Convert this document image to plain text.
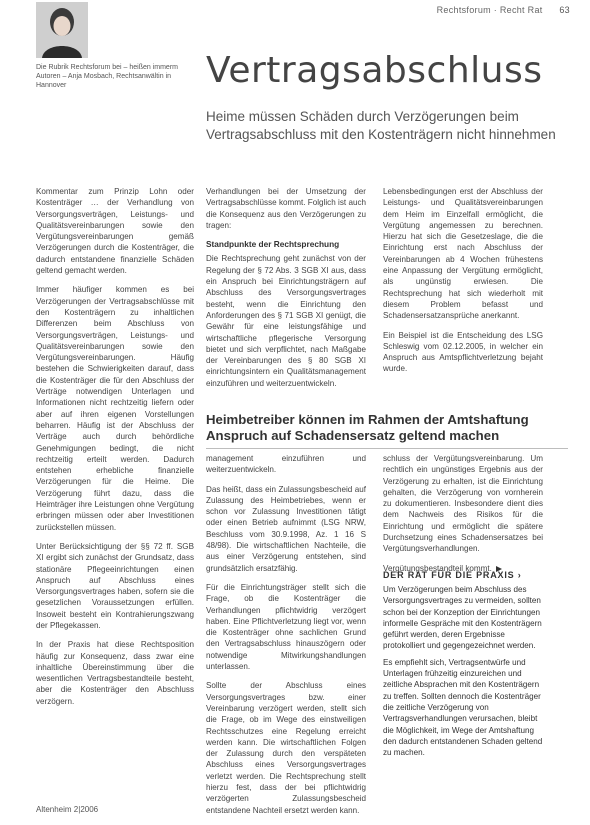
Rechtsforum · Recht Rat 63
Die Rubrik Rechtsforum bei – heißen immerm Autoren – Anja Mosbach, Rechtsanwältin in Hannover	Vertragsabschluss
Heime müssen Schäden durch Verzögerungen beim Vertragsabschluss mit den Kostenträgern nicht hinnehmen

Kommentar zum Prinzip Lohn oder Kostenträger … der Verhandlung von Versorgungsverträgen, Leistungs- und Qualitätsvereinbarungen sowie den Vergütungsvereinbarungen gemäß Verzögerungen durch die Kostenträger, die dadurch entstandene finanzielle Schäden geltend gemacht werden.

Immer häufiger kommen es bei Verzögerungen der Vertragsabschlüsse mit den Kostenträgern zu inhaltlichen Differenzen beim Abschluss von Versorgungsverträgen, Leistungs- und Qualitätsvereinbarungen sowie den Vergütungsvereinbarungen. Häufig bestehen die Schwierigkeiten darauf, dass die Kostenträger die für den Abschluss der Verträge notwendigen Unterlagen und Informationen nicht rechtzeitig liefern oder aber auf ihren eigenen Vorstellungen beharren. Häufig ist der Abschluss der Verträge auch durch behördliche Genehmigungen bedingt, die nicht rechtzeitig erteilt werden. Dadurch entstehen erhebliche finanzielle Verzögerungen für die Heime. Die Verzögerung führt dazu, dass die Heimträger ihre Leistungen ohne Vergütung erbringen müssen oder aber Investitionen zurückstellen müssen.

Unter Berücksichtigung der §§ 72 ff. SGB XI ergibt sich zunächst der Grundsatz, dass stationäre Pflegeeinrichtungen einen Anspruch auf Abschluss eines Versorgungsvertrages haben, sofern sie die gesetzlichen Voraussetzungen erfüllen. Insoweit besteht ein Kontrahierungszwang der Pflegekassen.

In der Praxis hat diese Rechtsposition häufig zur Konsequenz, dass zwar eine inhaltliche Übereinstimmung über die wesentlichen Vertragsbestandteile besteht, aber die Kostenträger den Abschluss verzögern.

Verhandlungen bei der Umsetzung der Vertragsabschlüsse kommt. Folglich ist auch die Konsequenz aus den Verzögerungen zu tragen:

Standpunkte der Rechtsprechung

Die Rechtsprechung geht zunächst von der Regelung der § 72 Abs. 3 SGB XI aus, dass ein Anspruch bei Einrichtungsträgern auf Abschluss des Versorgungsvertrages besteht, wenn die Einrichtung den Anforderungen des § 71 SGB XI genügt, die Gewähr für eine leistungsfähige und wirtschaftliche pflegerische Versorgung bietet und sich verpflichtet, nach Maßgabe der Vereinbarungen des § 80 SGB XI einrichtungsintern ein Qualitätsmanagement einzuführen und weiterzuentwickeln.

Lebensbedingungen erst der Abschluss der Leistungs- und Qualitätsvereinbarungen dem Heim im Einzelfall ermöglicht, die Vergütung angemessen zu berechnen. Hierzu hat sich die Gesetzeslage, die die Einrichtung erst nach Abschluss der Vereinbarungen ab 4 Wochen frühestens eine Anpassung der Vergütung ermöglicht, als ungünstig erwiesen. Die Rechtsprechung hat sich wiederholt mit diesem Problem befasst und Schadensersatzansprüche anerkannt.

Ein Beispiel ist die Entscheidung des LSG Schleswig vom 02.12.2005, in welcher ein Anspruch aus Amtspflichtverletzung bejaht wurde.

Heimbetreiber können im Rahmen der Amtshaftung Anspruch auf Schadensersatz geltend machen

management einzuführen und weiterzuentwickeln.

Das heißt, dass ein Zulassungsbescheid auf Zulassung des Heimbetriebes, wenn er schon vor Zulassung Investitionen tätigt oder einen Betrieb aufnimmt (LSG NRW, Beschluss vom 30.9.1998, Az. 1 16 S 48/98). Die wirtschaftlichen Nachteile, die aus einer Verzögerung entstehen, sind grundsätzlich ersatzfähig.

Für die Einrichtungsträger stellt sich die Frage, ob die Kostenträger die Verhandlungen pflichtwidrig verzögert haben. Eine Pflichtverletzung liegt vor, wenn die Kostenträger ohne sachlichen Grund den Vertragsabschluss hinauszögern oder notwendige Mitwirkungshandlungen unterlassen.

Sollte der Abschluss eines Versorgungsvertrages bzw. einer Vereinbarung verzögert werden, stellt sich die Frage, ob im Wege des einstweiligen Rechtsschutzes eine Regelung erreicht werden kann. Die wirtschaftlichen Folgen der Zulassung durch den verspäteten Abschluss eines Versorgungsvertrages verletzt werden. Die Rechtsprechung stellt hierzu fest, dass der bei pflichtwidrig verzögerten Zulassungsbescheid entstandene Nachteil ersetzt werden kann.

schluss der Vergütungsvereinbarung. Um rechtlich ein ungünstiges Ergebnis aus der Verzögerung zu erhalten, ist die Einrichtung gehalten, die Verzögerung von vornherein zu dokumentieren. Insbesondere dient dies dem Nachweis des Risikos für die Einrichtung und ermöglicht die spätere Durchsetzung eines Schadensersatzes bei Vergütungsverhandlungen.

Vergütungsbestandteil kommt.

DER RAT FÜR DIE PRAXIS ›

Um Verzögerungen beim Abschluss des Versorgungsvertrages zu vermeiden, sollten schon bei der Konzeption der Einrichtungen informelle Gespräche mit den Kostenträgern geführt werden, deren Ergebnisse protokolliert und gegengezeichnet werden.

Es empfiehlt sich, Vertragsentwürfe und Unterlagen frühzeitig einzureichen und zeitliche Absprachen mit den Kostenträgern zu treffen. Sollten dennoch die Kostenträger die zeitliche Verzögerung von Vertragsverhandlungen verursachen, bleibt die Möglichkeit, im Wege der Amtshaftung den dadurch entstandenen Schaden geltend zu machen.

Altenheim 2|2006
